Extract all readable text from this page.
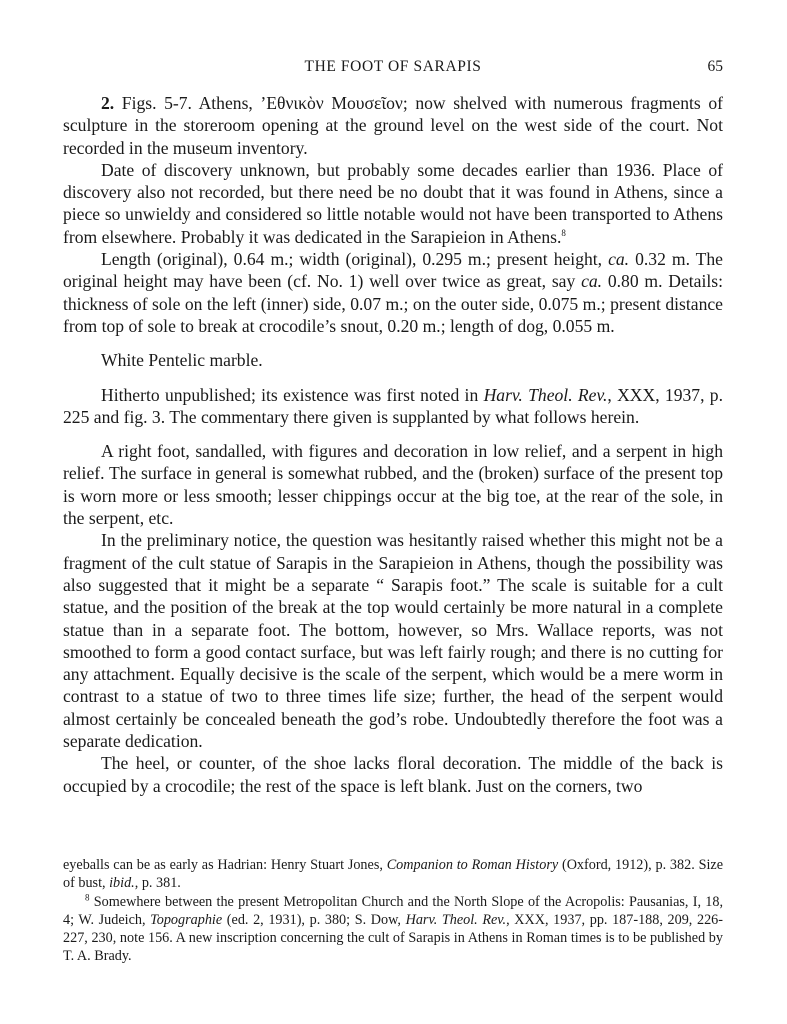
THE FOOT OF SARAPIS	65

2. Figs. 5-7. Athens, ’Εθνικὸν Μουσεῖον; now shelved with numerous fragments of sculpture in the storeroom opening at the ground level on the west side of the court. Not recorded in the museum inventory.

Date of discovery unknown, but probably some decades earlier than 1936. Place of discovery also not recorded, but there need be no doubt that it was found in Athens, since a piece so unwieldy and considered so little notable would not have been transported to Athens from elsewhere. Probably it was dedicated in the Sarapieion in Athens.$^8$

Length (original), 0.64 m.; width (original), 0.295 m.; present height, ca. 0.32 m. The original height may have been (cf. No. 1) well over twice as great, say ca. 0.80 m. Details: thickness of sole on the left (inner) side, 0.07 m.; on the outer side, 0.075 m.; present distance from top of sole to break at crocodile’s snout, 0.20 m.; length of dog, 0.055 m.

White Pentelic marble.

Hitherto unpublished; its existence was first noted in Harv. Theol. Rev., XXX, 1937, p. 225 and fig. 3. The commentary there given is supplanted by what follows herein.

A right foot, sandalled, with figures and decoration in low relief, and a serpent in high relief. The surface in general is somewhat rubbed, and the (broken) surface of the present top is worn more or less smooth; lesser chippings occur at the big toe, at the rear of the sole, in the serpent, etc.

In the preliminary notice, the question was hesitantly raised whether this might not be a fragment of the cult statue of Sarapis in the Sarapieion in Athens, though the possibility was also suggested that it might be a separate “ Sarapis foot.” The scale is suitable for a cult statue, and the position of the break at the top would certainly be more natural in a complete statue than in a separate foot. The bottom, however, so Mrs. Wallace reports, was not smoothed to form a good contact surface, but was left fairly rough; and there is no cutting for any attachment. Equally decisive is the scale of the serpent, which would be a mere worm in contrast to a statue of two to three times life size; further, the head of the serpent would almost certainly be concealed beneath the god’s robe. Undoubtedly therefore the foot was a separate dedication.

The heel, or counter, of the shoe lacks floral decoration. The middle of the back is occupied by a crocodile; the rest of the space is left blank. Just on the corners, two

eyeballs can be as early as Hadrian: Henry Stuart Jones, Companion to Roman History (Oxford, 1912), p. 382. Size of bust, ibid., p. 381.

$^8$ Somewhere between the present Metropolitan Church and the North Slope of the Acropolis: Pausanias, I, 18, 4; W. Judeich, Topographie (ed. 2, 1931), p. 380; S. Dow, Harv. Theol. Rev., XXX, 1937, pp. 187-188, 209, 226-227, 230, note 156. A new inscription concerning the cult of Sarapis in Athens in Roman times is to be published by T. A. Brady.
